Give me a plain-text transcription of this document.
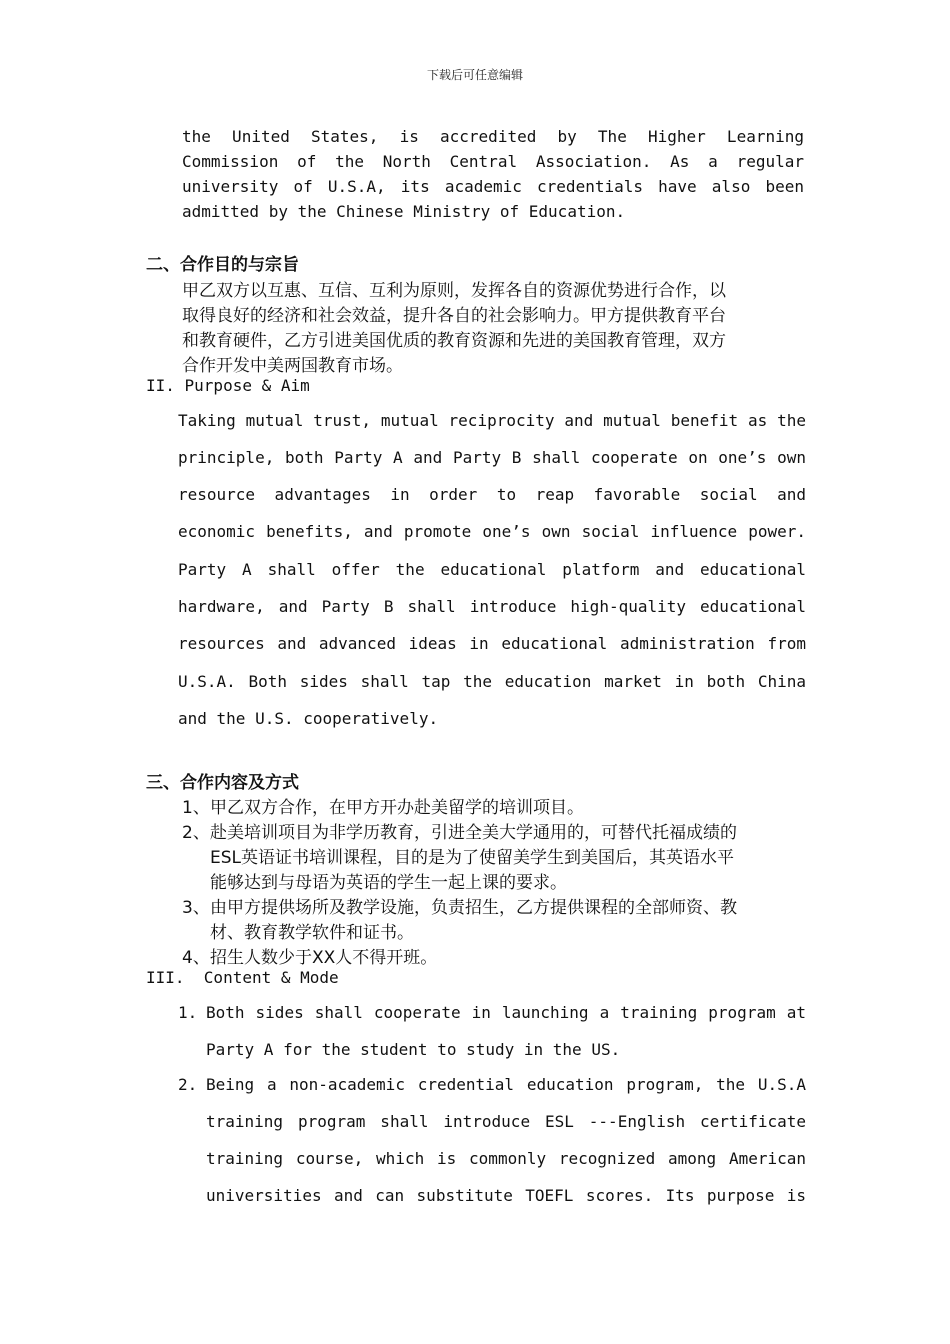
下载后可任意编辑
the United States, is accredited by The Higher Learning
Commission of the North Central Association. As a regular
university of U.S.A, its academic credentials have also been
admitted by the Chinese Ministry of Education.
二、合作目的与宗旨
甲乙双方以互惠、互信、互利为原则，发挥各自的资源优势进行合作，以
取得良好的经济和社会效益，提升各自的社会影响力。甲方提供教育平台
和教育硬件，乙方引进美国优质的教育资源和先进的美国教育管理，双方
合作开发中美两国教育市场。
II. Purpose & Aim
Taking mutual trust, mutual reciprocity and mutual benefit as the
principle, both Party A and Party B shall cooperate on one’s own
resource advantages in order to reap favorable social and
economic benefits, and promote one’s own social influence power.
Party A shall offer the educational platform and educational
hardware, and Party B shall introduce high-quality educational
resources and advanced ideas in educational administration from
U.S.A. Both sides shall tap the education market in both China
and the U.S. cooperatively.
三、合作内容及方式
1、 甲乙双方合作，在甲方开办赴美留学的培训项目。
2、 赴美培训项目为非学历教育，引进全美大学通用的，可替代托福成绩的
ESL英语证书培训课程，目的是为了使留美学生到美国后，其英语水平
能够达到与母语为英语的学生一起上课的要求。
3、 由甲方提供场所及教学设施，负责招生，乙方提供课程的全部师资、教
材、教育教学软件和证书。
4、 招生人数少于XX人不得开班。
III.  Content & Mode
1. Both sides shall cooperate in launching a training program at
Party A for the student to study in the US.
2. Being a non-academic credential education program, the U.S.A
training program shall introduce ESL ---English certificate
training course, which is commonly recognized among American
universities and can substitute TOEFL scores. Its purpose is
